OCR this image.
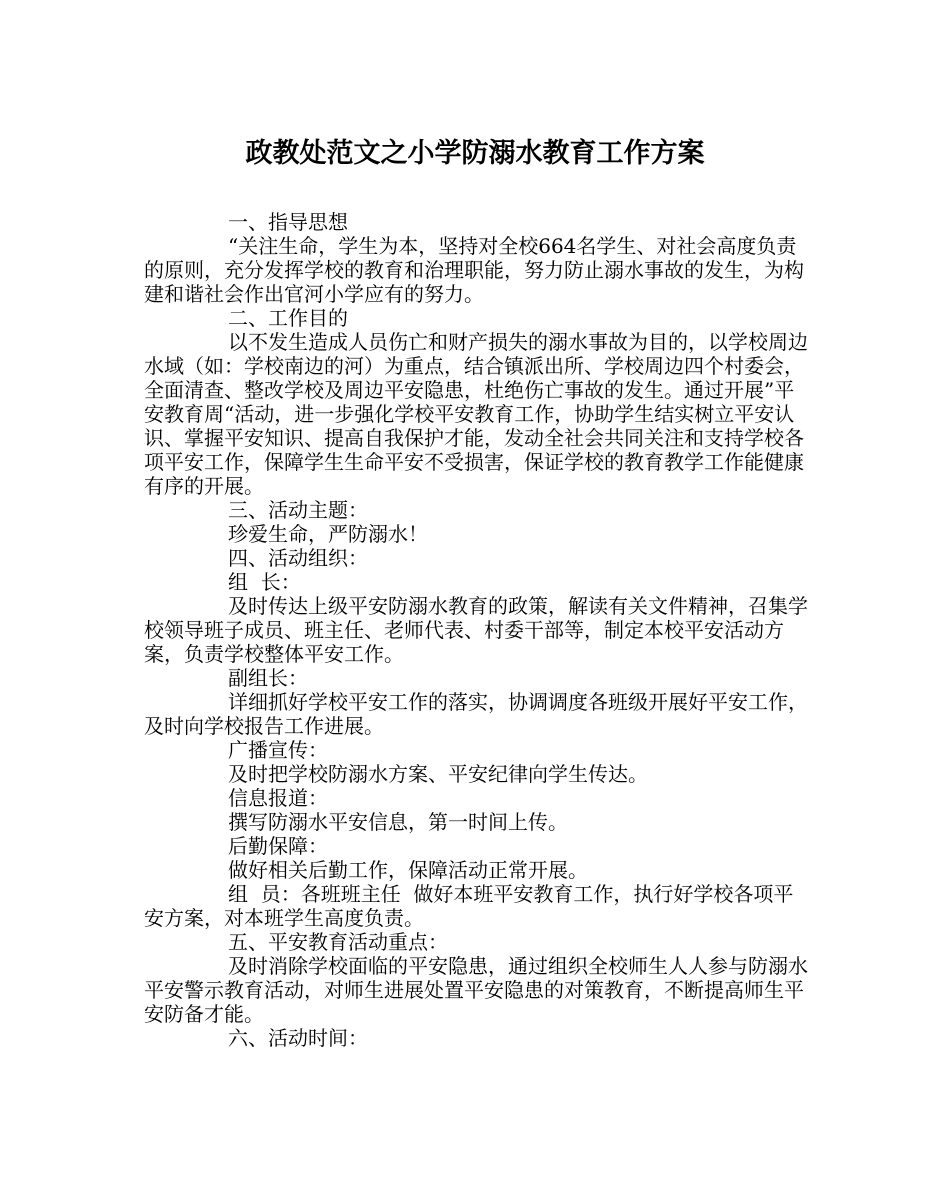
政教处范文之小学防溺水教育工作方案

一、指导思想

“关注生命，学生为本，坚持对全校664名学生、对社会高度负责的原则，充分发挥学校的教育和治理职能，努力防止溺水事故的发生，为构建和谐社会作出官河小学应有的努力。

二、工作目的

以不发生造成人员伤亡和财产损失的溺水事故为目的，以学校周边水域（如：学校南边的河）为重点，结合镇派出所、学校周边四个村委会，全面清查、整改学校及周边平安隐患，杜绝伤亡事故的发生。通过开展”平安教育周“活动，进一步强化学校平安教育工作，协助学生结实树立平安认识、掌握平安知识、提高自我保护才能，发动全社会共同关注和支持学校各项平安工作，保障学生生命平安不受损害，保证学校的教育教学工作能健康有序的开展。

三、活动主题：

珍爱生命，严防溺水！

四、活动组织：

组  长：

及时传达上级平安防溺水教育的政策，解读有关文件精神，召集学校领导班子成员、班主任、老师代表、村委干部等，制定本校平安活动方案，负责学校整体平安工作。

副组长：

详细抓好学校平安工作的落实，协调调度各班级开展好平安工作，及时向学校报告工作进展。

广播宣传：

及时把学校防溺水方案、平安纪律向学生传达。

信息报道：

撰写防溺水平安信息，第一时间上传。

后勤保障：

做好相关后勤工作，保障活动正常开展。

组  员：各班班主任  做好本班平安教育工作，执行好学校各项平安方案，对本班学生高度负责。

五、平安教育活动重点：

及时消除学校面临的平安隐患，通过组织全校师生人人参与防溺水平安警示教育活动，对师生进展处置平安隐患的对策教育，不断提高师生平安防备才能。

六、活动时间：
